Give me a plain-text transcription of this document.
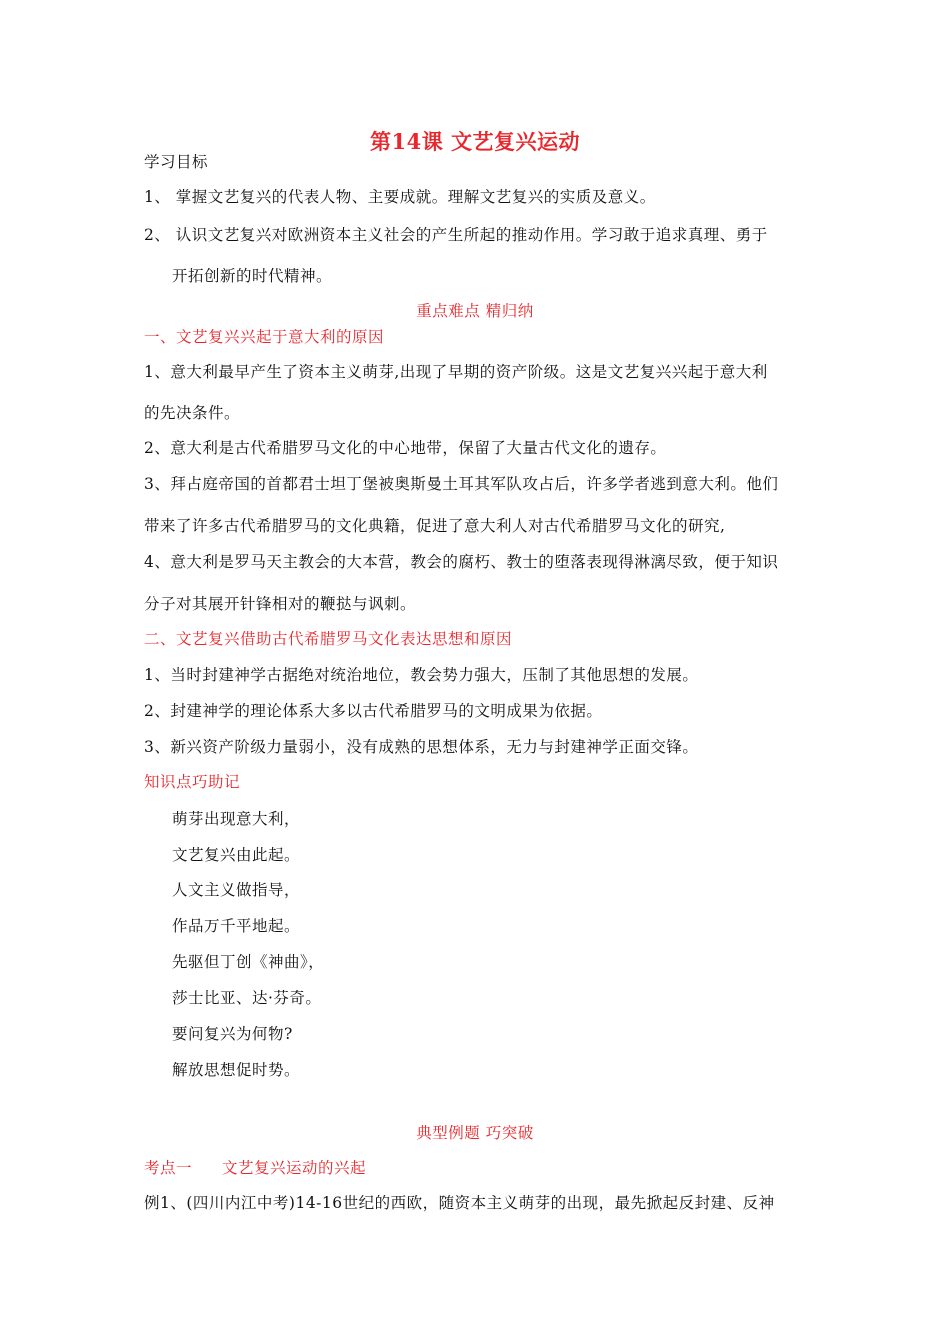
第14课 文艺复兴运动
学习目标
1、 掌握文艺复兴的代表人物、主要成就。理解文艺复兴的实质及意义。
2、 认识文艺复兴对欧洲资本主义社会的产生所起的推动作用。学习敢于追求真理、勇于
开拓创新的时代精神。
重点难点 精归纳
一、文艺复兴兴起于意大利的原因
1、意大利最早产生了资本主义萌芽,出现了早期的资产阶级。这是文艺复兴兴起于意大利
的先决条件。
2、意大利是古代希腊罗马文化的中心地带，保留了大量古代文化的遗存。
3、拜占庭帝国的首都君士坦丁堡被奥斯曼土耳其军队攻占后，许多学者逃到意大利。他们
带来了许多古代希腊罗马的文化典籍，促进了意大利人对古代希腊罗马文化的研究,
4、意大利是罗马天主教会的大本营，教会的腐朽、教士的堕落表现得淋漓尽致，便于知识
分子对其展开针锋相对的鞭挞与讽刺。
二、文艺复兴借助古代希腊罗马文化表达思想和原因
1、当时封建神学古据绝对统治地位，教会势力强大，压制了其他思想的发展。
2、封建神学的理论体系大多以古代希腊罗马的文明成果为依据。
3、新兴资产阶级力量弱小，没有成熟的思想体系，无力与封建神学正面交锋。
知识点巧助记
萌芽出现意大利，
文艺复兴由此起。
人文主义做指导，
作品万千平地起。
先驱但丁创《神曲》，
莎士比亚、达·芬奇。
要问复兴为何物?
解放思想促时势。
典型例题 巧突破
考点一 文艺复兴运动的兴起
例1、(四川内江中考)14-16世纪的西欧，随资本主义萌芽的出现，最先掀起反封建、反神
